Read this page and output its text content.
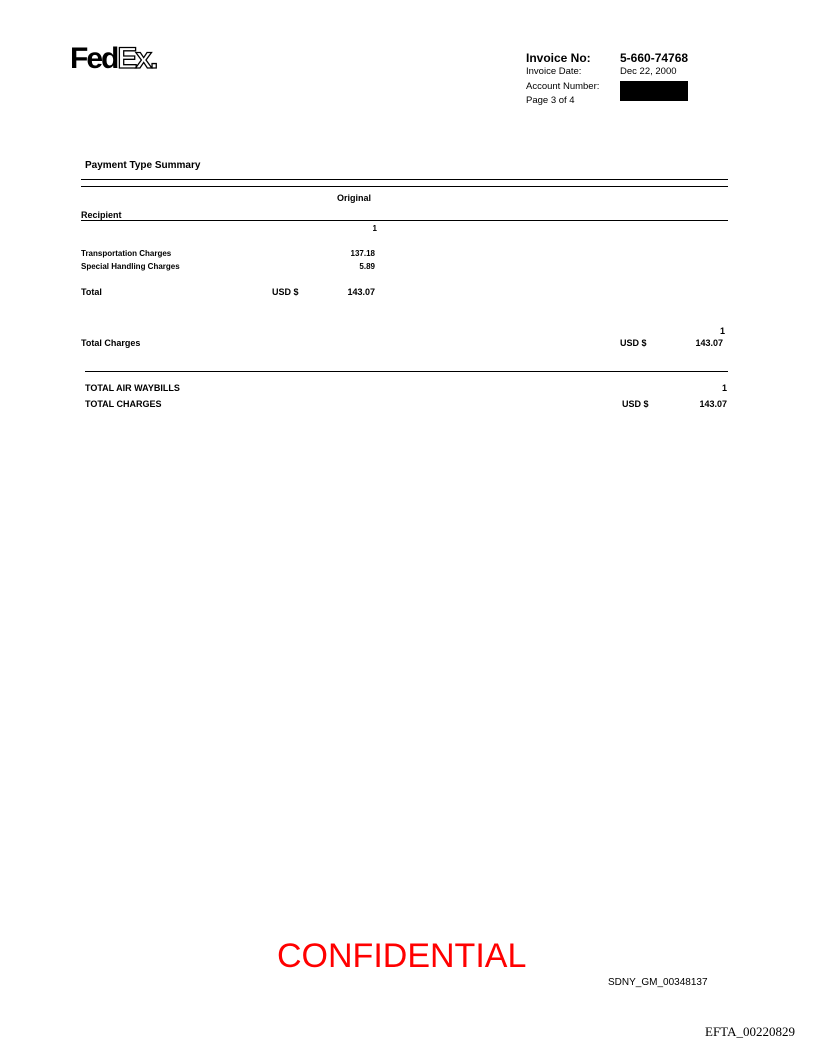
FedEx.	Invoice No: 5-660-74768
Invoice Date:	Dec 22, 2000
Account Number:
Page 3 of 4
Payment Type Summary
Original
Recipient
1
Transportation Charges	137.18
Special Handling Charges	5.89
Total	USD $	143.07
1
Total Charges	USD $	143.07
TOTAL AIR WAYBILLS	1
TOTAL CHARGES	USD $	143.07
CONFIDENTIAL
SDNY_GM_00348137
EFTA_00220829
